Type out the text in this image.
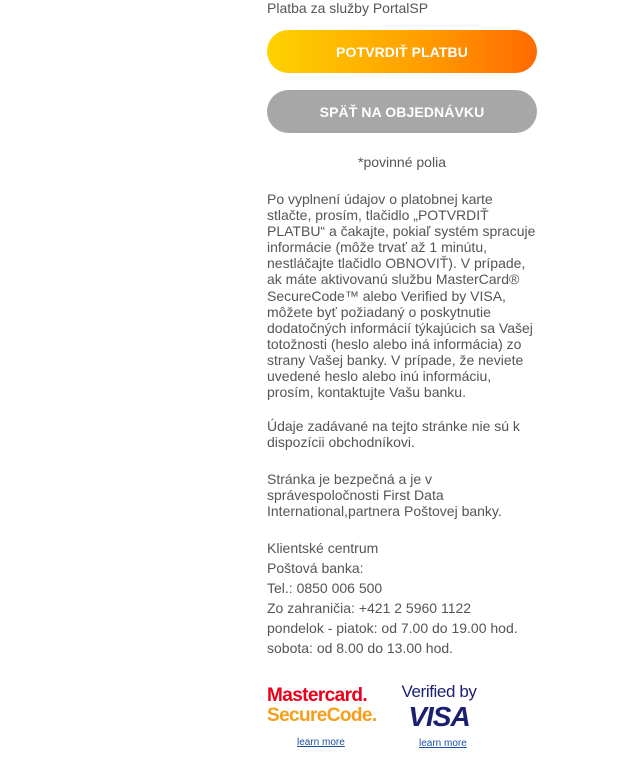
Platba za služby PortalSP
POTVRDIŤ PLATBU
SPÄŤ NA OBJEDNÁVKU
*povinné polia
Po vyplnení údajov o platobnej karte stlačte, prosím, tlačidlo „POTVRDIŤ PLATBU“ a čakajte, pokiaľ systém spracuje informácie (môže trvať až 1 minútu, nestláčajte tlačidlo OBNOVIŤ). V prípade, ak máte aktivovanú službu MasterCard® SecureCode™ alebo Verified by VISA, môžete byť požiadaný o poskytnutie dodatočných informácií týkajúcich sa Vašej totožnosti (heslo alebo iná informácia) zo strany Vašej banky. V prípade, že neviete uvedené heslo alebo inú informáciu, prosím, kontaktujte Vašu banku.
Údaje zadávané na tejto stránke nie sú k dispozícii obchodníkovi.
Stránka je bezpečná a je v správespoločnosti First Data International,partnera Poštovej banky.
Klientské centrum
Poštová banka:
Tel.: 0850 006 500
Zo zahraničia: +421 2 5960 1122
pondelok - piatok: od 7.00 do 19.00 hod.
sobota: od 8.00 do 13.00 hod.
Mastercard.
SecureCode.
learn more
Verified by
VISA
learn more
